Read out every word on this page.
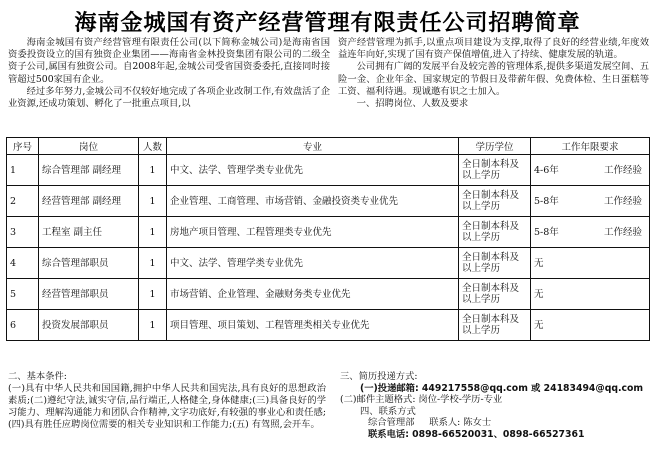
海南金城国有资产经营管理有限责任公司招聘简章

海南金城国有资产经营管理有限责任公司(以下简称金城公司)是海南省国资委投资设立的国有独资企业集团——海南省金林投资集团有限公司的二级全资子公司,属国有独资公司。自2008年起,金城公司受省国资委委托,直接同时接管超过500家国有企业。

经过多年努力,金城公司不仅较好地完成了各项企业改制工作,有效盘活了企业资源,还成功策划、孵化了一批重点项目,以

资产经营管理为抓手,以重点项目建设为支撑,取得了良好的经营业绩,年度效益连年向好,实现了国有资产保值增值,进入了持续、健康发展的轨道。

公司拥有广阔的发展平台及较完善的管理体系,提供多渠道发展空间、五险一金、企业年金、国家规定的节假日及带薪年假、免费体检、生日蛋糕等工资、福利待遇。现诚邀有识之士加入。

一、招聘岗位、人数及要求

序号	岗位	人数	专业	学历学位	工作年限要求
1	综合管理部 副经理	1	中文、法学、管理学类专业优先	全日制本科及以上学历	4-6年 工作经验

2	经营管理部 副经理	1	企业管理、工商管理、市场营销、金融投资类专业优先	全日制本科及以上学历	5-8年 工作经验

3	工程室 副主任	1	房地产项目管理、工程管理类专业优先	全日制本科及以上学历	5-8年 工作经验

4	综合管理部职员	1	中文、法学、管理学类专业优先	全日制本科及以上学历	无

5	经营管理部职员	1	市场营销、企业管理、金融财务类专业优先	全日制本科及以上学历	无

6	投资发展部职员	1	项目管理、项目策划、工程管理类相关专业优先	全日制本科及以上学历	无

二、基本条件:

(一)具有中华人民共和国国籍,拥护中华人民共和国宪法,具有良好的思想政治素质;(二)遵纪守法,诚实守信,品行端正,人格健全,身体健康;(三)具备良好的学习能力、理解沟通能力和团队合作精神,文字功底好,有较强的事业心和责任感;(四)具有胜任应聘岗位需要的相关专业知识和工作能力;(五) 有驾照,会开车。

三、简历投递方式:

(一)投递邮箱: 449217558@qq.com 或 24183494@qq.com

(二)邮件主题格式: 岗位-学校-学历-专业

四、联系方式

综合管理部 联系人: 陈女士

联系电话: 0898-66520031、0898-66527361
